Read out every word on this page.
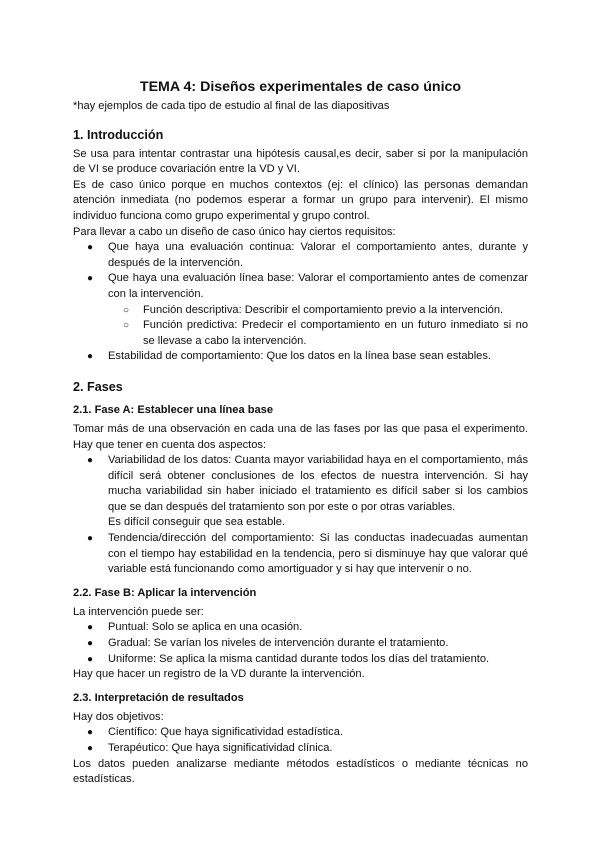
TEMA 4: Diseños experimentales de caso único

*hay ejemplos de cada tipo de estudio al final de las diapositivas

1. Introducción

Se usa para intentar contrastar una hipótesis causal,es decir, saber si por la manipulación de VI se produce covariación entre la VD y VI.

Es de caso único porque en muchos contextos (ej: el clínico) las personas demandan atención inmediata (no podemos esperar a formar un grupo para intervenir). El mismo individuo funciona como grupo experimental y grupo control.

Para llevar a cabo un diseño de caso único hay ciertos requisitos:

● Que haya una evaluación continua: Valorar el comportamiento antes, durante y después de la intervención.
● Que haya una evaluación línea base: Valorar el comportamiento antes de comenzar con la intervención.
○ Función descriptiva: Describir el comportamiento previo a la intervención.
○ Función predictiva: Predecir el comportamiento en un futuro inmediato si no se llevase a cabo la intervención.
● Estabilidad de comportamiento: Que los datos en la línea base sean estables.
2. Fases
2.1. Fase A: Establecer una línea base

Tomar más de una observación en cada una de las fases por las que pasa el experimento. Hay que tener en cuenta dos aspectos:

● Variabilidad de los datos: Cuanta mayor variabilidad haya en el comportamiento, más difícil será obtener conclusiones de los efectos de nuestra intervención. Si hay mucha variabilidad sin haber iniciado el tratamiento es difícil saber si los cambios que se dan después del tratamiento son por este o por otras variables.
Es difícil conseguir que sea estable.
● Tendencia/dirección del comportamiento: Si las conductas inadecuadas aumentan con el tiempo hay estabilidad en la tendencia, pero si disminuye hay que valorar qué variable está funcionando como amortiguador y si hay que intervenir o no.
2.2. Fase B: Aplicar la intervención

La intervención puede ser:

● Puntual: Solo se aplica en una ocasión.
● Gradual: Se varían los niveles de intervención durante el tratamiento.
● Uniforme: Se aplica la misma cantidad durante todos los días del tratamiento.

Hay que hacer un registro de la VD durante la intervención.

2.3. Interpretación de resultados

Hay dos objetivos:

● Científico: Que haya significatividad estadística.
● Terapéutico: Que haya significatividad clínica.

Los datos pueden analizarse mediante métodos estadísticos o mediante técnicas no estadísticas.
